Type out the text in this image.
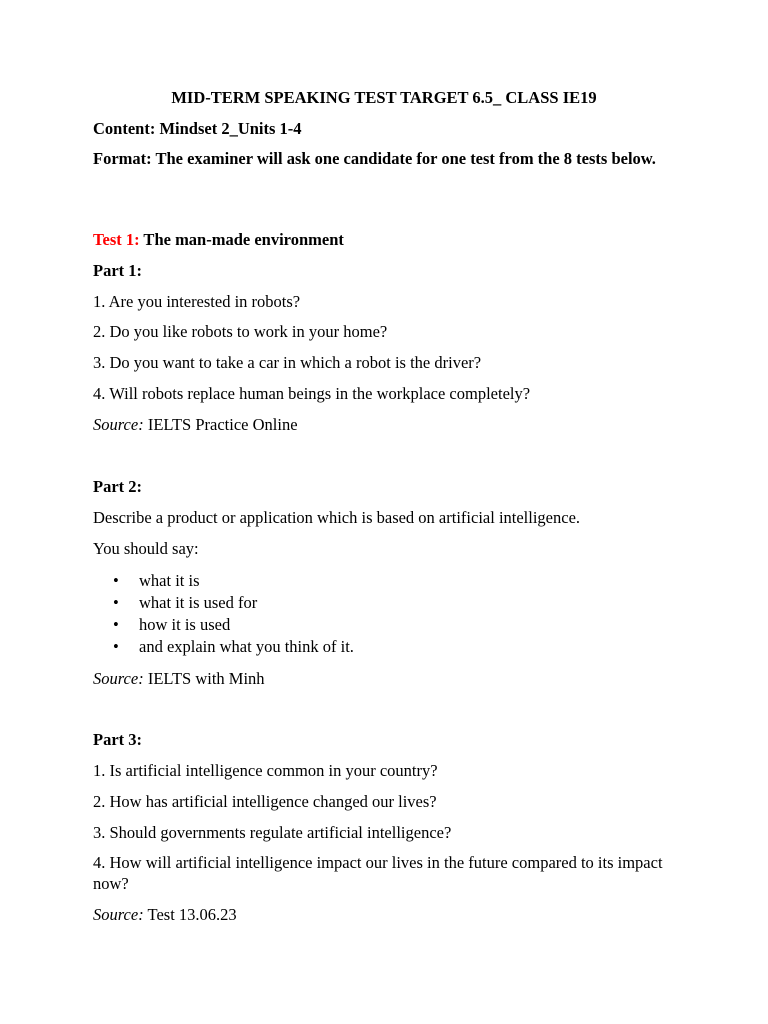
MID-TERM SPEAKING TEST TARGET 6.5_ CLASS IE19
Content: Mindset 2_Units 1-4
Format: The examiner will ask one candidate for one test from the 8 tests below.
Test 1: The man-made environment
Part 1:
1. Are you interested in robots?
2. Do you like robots to work in your home?
3. Do you want to take a car in which a robot is the driver?
4. Will robots replace human beings in the workplace completely?
Source: IELTS Practice Online
Part 2:
Describe a product or application which is based on artificial intelligence.
You should say:
•	what it is
•	what it is used for
•	how it is used
•	and explain what you think of it.
Source: IELTS with Minh
Part 3:
1. Is artificial intelligence common in your country?
2. How has artificial intelligence changed our lives?
3. Should governments regulate artificial intelligence?
4. How will artificial intelligence impact our lives in the future compared to its impact now?
Source: Test 13.06.23
